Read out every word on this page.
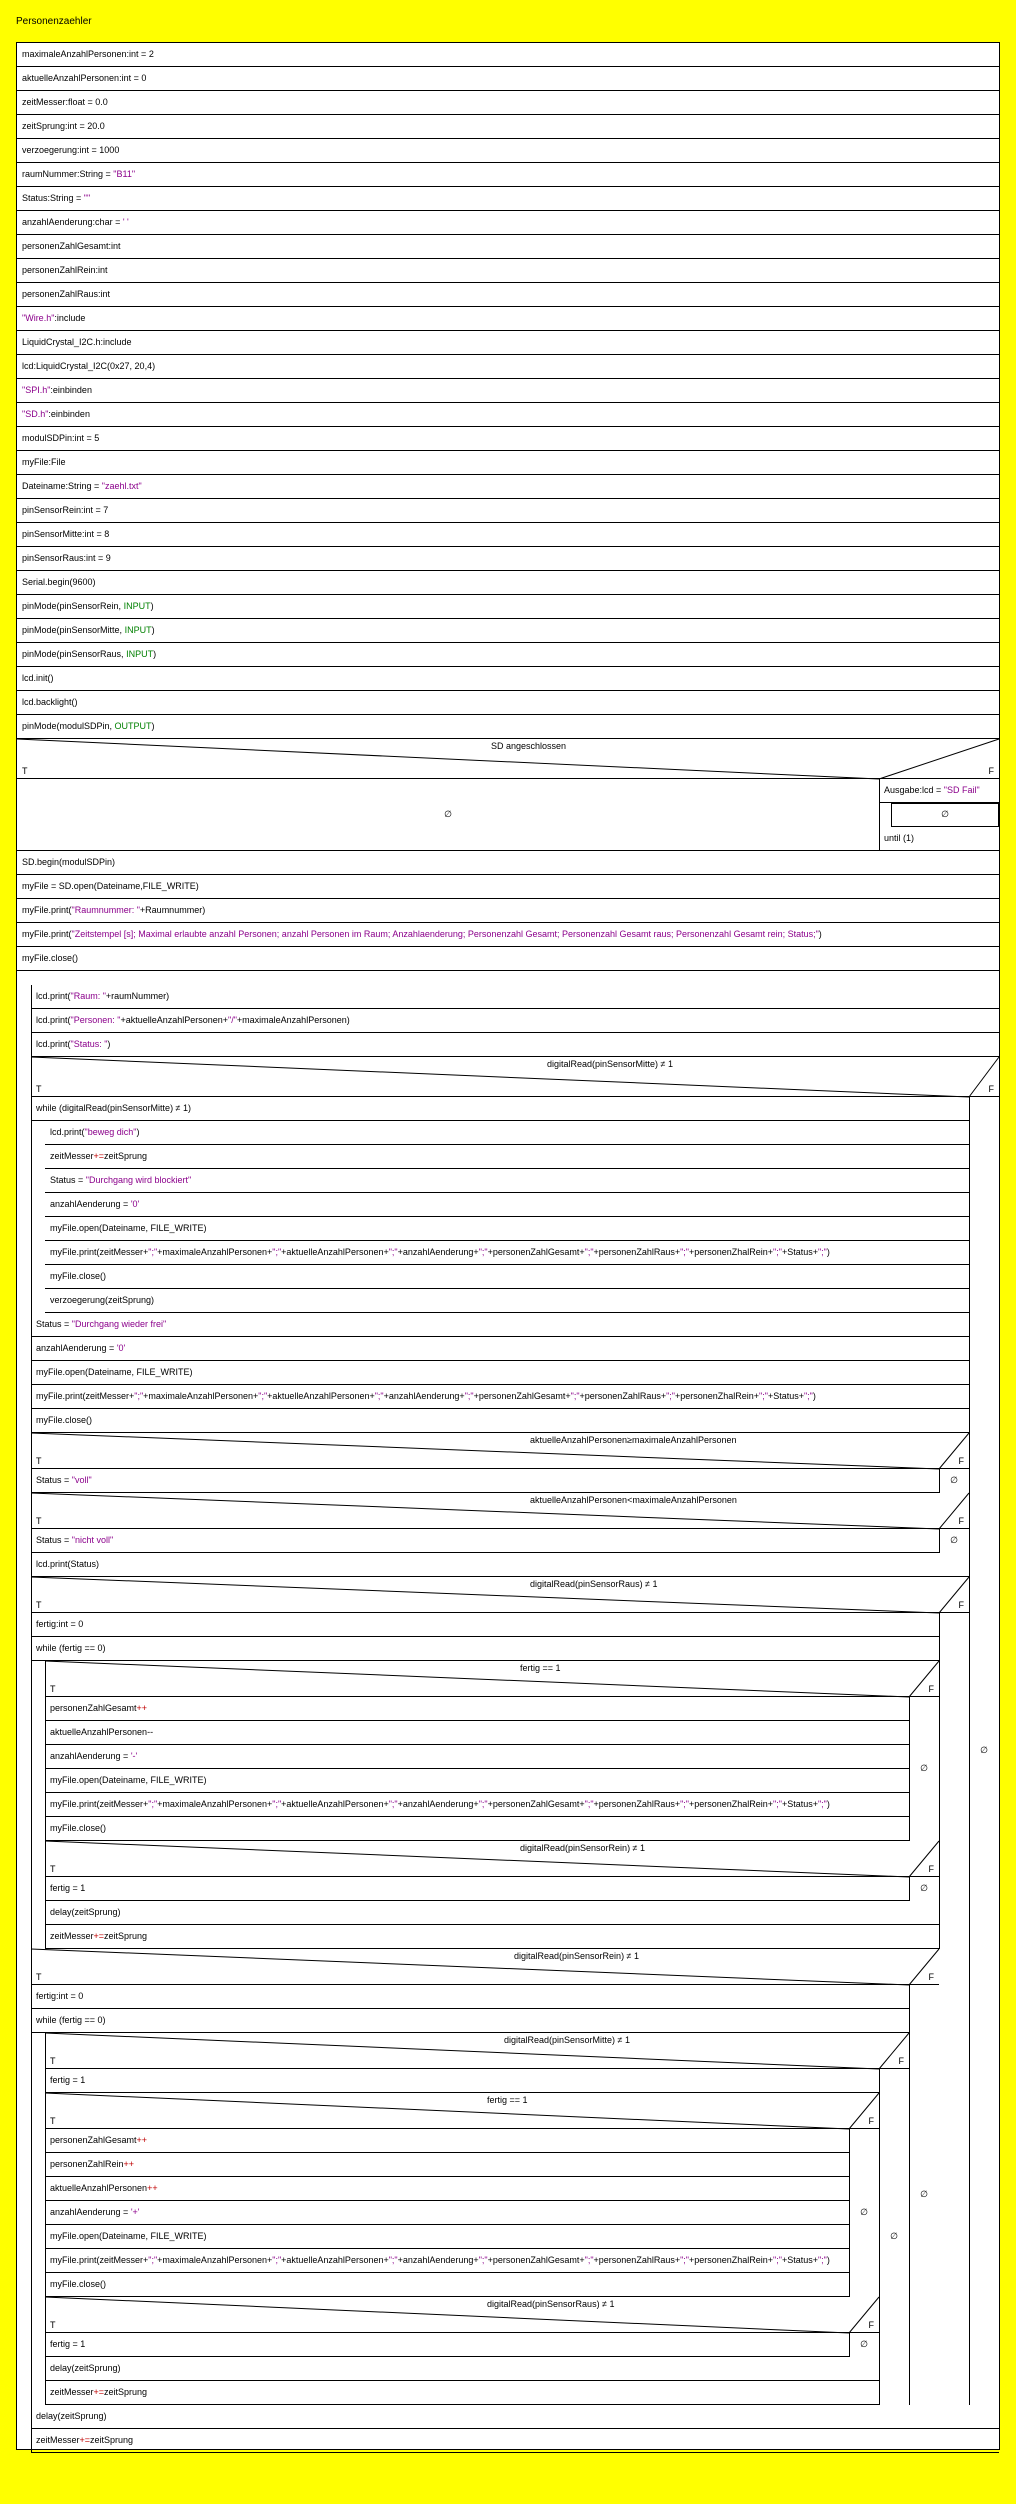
Personenzaehler
maximaleAnzahlPersonen:int = 2
aktuelleAnzahlPersonen:int = 0
zeitMesser:float = 0.0
zeitSprung:int = 20.0
verzoegerung:int = 1000
raumNummer:String = "B11"
Status:String = ""
anzahlAenderung:char = ' '
personenZahlGesamt:int
personenZahlRein:int
personenZahlRaus:int
"Wire.h":include
LiquidCrystal_I2C.h:include
lcd:LiquidCrystal_I2C(0x27, 20,4)
"SPI.h":einbinden
"SD.h":einbinden
modulSDPin:int = 5
myFile:File
Dateiname:String = "zaehl.txt"
pinSensorRein:int = 7
pinSensorMitte:int = 8
pinSensorRaus:int = 9
Serial.begin(9600)
pinMode(pinSensorRein, INPUT)
pinMode(pinSensorMitte, INPUT)
pinMode(pinSensorRaus, INPUT)
lcd.init()
lcd.backlight()
pinMode(modulSDPin, OUTPUT)
SD angeschlossen
T	F
∅
Ausgabe:lcd = "SD Fail"
∅
until (1)
SD.begin(modulSDPin)
myFile = SD.open(Dateiname,FILE_WRITE)
myFile.print("Raumnummer: "+Raumnummer)
myFile.print("Zeitstempel [s]; Maximal erlaubte anzahl Personen; anzahl Personen im Raum; Anzahlaenderung; Personenzahl Gesamt; Personenzahl Gesamt raus; Personenzahl Gesamt rein; Status;")
myFile.close()
lcd.print("Raum: "+raumNummer)
lcd.print("Personen: "+aktuelleAnzahlPersonen+"/"+maximaleAnzahlPersonen)
lcd.print("Status: ")
digitalRead(pinSensorMitte) ≠ 1
T	F
while (digitalRead(pinSensorMitte) ≠ 1)
lcd.print("beweg dich")
zeitMesser+=zeitSprung
Status = "Durchgang wird blockiert"
anzahlAenderung = '0'
myFile.open(Dateiname, FILE_WRITE)
myFile.print(zeitMesser+";"+maximaleAnzahlPersonen+";"+aktuelleAnzahlPersonen+";"+anzahlAenderung+";"+personenZahlGesamt+";"+personenZahlRaus+";"+personenZhalRein+";"+Status+";")
myFile.close()
verzoegerung(zeitSprung)
Status = "Durchgang wieder frei"
anzahlAenderung = '0'
myFile.open(Dateiname, FILE_WRITE)
myFile.print(zeitMesser+";"+maximaleAnzahlPersonen+";"+aktuelleAnzahlPersonen+";"+anzahlAenderung+";"+personenZahlGesamt+";"+personenZahlRaus+";"+personenZhalRein+";"+Status+";")
myFile.close()
aktuelleAnzahlPersonen≥maximaleAnzahlPersonen
T	F
Status = "voll"	∅
aktuelleAnzahlPersonen<maximaleAnzahlPersonen
T	F
Status = "nicht voll"	∅
lcd.print(Status)
digitalRead(pinSensorRaus) ≠ 1
T	F
fertig:int = 0
while (fertig == 0)
fertig == 1
T	F
personenZahlGesamt++
aktuelleAnzahlPersonen--
anzahlAenderung = '-'
myFile.open(Dateiname, FILE_WRITE)
myFile.print(zeitMesser+";"+maximaleAnzahlPersonen+";"+aktuelleAnzahlPersonen+";"+anzahlAenderung+";"+personenZahlGesamt+";"+personenZahlRaus+";"+personenZhalRein+";"+Status+";")
myFile.close()
∅
digitalRead(pinSensorRein) ≠ 1
T	F
fertig = 1	∅
delay(zeitSprung)
zeitMesser+=zeitSprung
digitalRead(pinSensorRein) ≠ 1
T	F
fertig:int = 0
while (fertig == 0)
digitalRead(pinSensorMitte) ≠ 1
T	F
fertig = 1
fertig == 1
T	F
personenZahlGesamt++
personenZahlRein++
aktuelleAnzahlPersonen++
anzahlAenderung = '+'
myFile.open(Dateiname, FILE_WRITE)
myFile.print(zeitMesser+";"+maximaleAnzahlPersonen+";"+aktuelleAnzahlPersonen+";"+anzahlAenderung+";"+personenZahlGesamt+";"+personenZahlRaus+";"+personenZhalRein+";"+Status+";")
myFile.close()
∅
digitalRead(pinSensorRaus) ≠ 1
T	F
fertig = 1	∅
delay(zeitSprung)
zeitMesser+=zeitSprung
∅
∅
∅
delay(zeitSprung)
zeitMesser+=zeitSprung
